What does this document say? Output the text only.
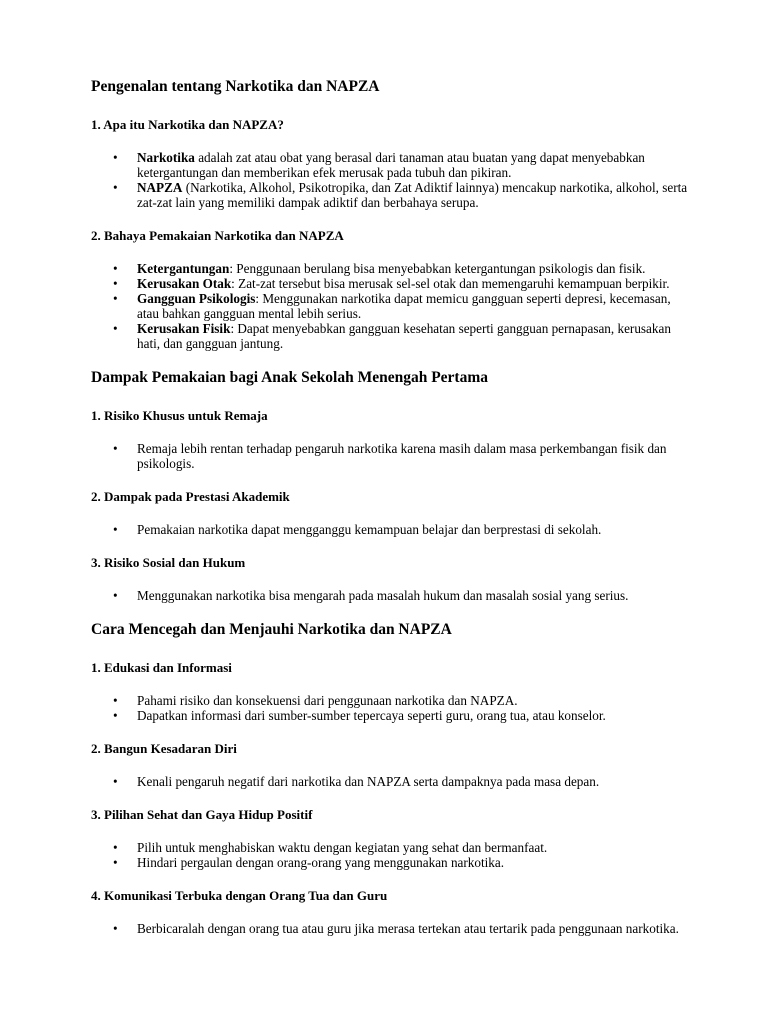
Pengenalan tentang Narkotika dan NAPZA
1. Apa itu Narkotika dan NAPZA?
• Narkotika adalah zat atau obat yang berasal dari tanaman atau buatan yang dapat menyebabkan ketergantungan dan memberikan efek merusak pada tubuh dan pikiran.
• NAPZA (Narkotika, Alkohol, Psikotropika, dan Zat Adiktif lainnya) mencakup narkotika, alkohol, serta zat-zat lain yang memiliki dampak adiktif dan berbahaya serupa.
2. Bahaya Pemakaian Narkotika dan NAPZA
• Ketergantungan: Penggunaan berulang bisa menyebabkan ketergantungan psikologis dan fisik.
• Kerusakan Otak: Zat-zat tersebut bisa merusak sel-sel otak dan memengaruhi kemampuan berpikir.
• Gangguan Psikologis: Menggunakan narkotika dapat memicu gangguan seperti depresi, kecemasan, atau bahkan gangguan mental lebih serius.
• Kerusakan Fisik: Dapat menyebabkan gangguan kesehatan seperti gangguan pernapasan, kerusakan hati, dan gangguan jantung.
Dampak Pemakaian bagi Anak Sekolah Menengah Pertama
1. Risiko Khusus untuk Remaja
• Remaja lebih rentan terhadap pengaruh narkotika karena masih dalam masa perkembangan fisik dan psikologis.
2. Dampak pada Prestasi Akademik
• Pemakaian narkotika dapat mengganggu kemampuan belajar dan berprestasi di sekolah.
3. Risiko Sosial dan Hukum
• Menggunakan narkotika bisa mengarah pada masalah hukum dan masalah sosial yang serius.
Cara Mencegah dan Menjauhi Narkotika dan NAPZA
1. Edukasi dan Informasi
• Pahami risiko dan konsekuensi dari penggunaan narkotika dan NAPZA.
• Dapatkan informasi dari sumber-sumber tepercaya seperti guru, orang tua, atau konselor.
2. Bangun Kesadaran Diri
• Kenali pengaruh negatif dari narkotika dan NAPZA serta dampaknya pada masa depan.
3. Pilihan Sehat dan Gaya Hidup Positif
• Pilih untuk menghabiskan waktu dengan kegiatan yang sehat dan bermanfaat.
• Hindari pergaulan dengan orang-orang yang menggunakan narkotika.
4. Komunikasi Terbuka dengan Orang Tua dan Guru
• Berbicaralah dengan orang tua atau guru jika merasa tertekan atau tertarik pada penggunaan narkotika.
